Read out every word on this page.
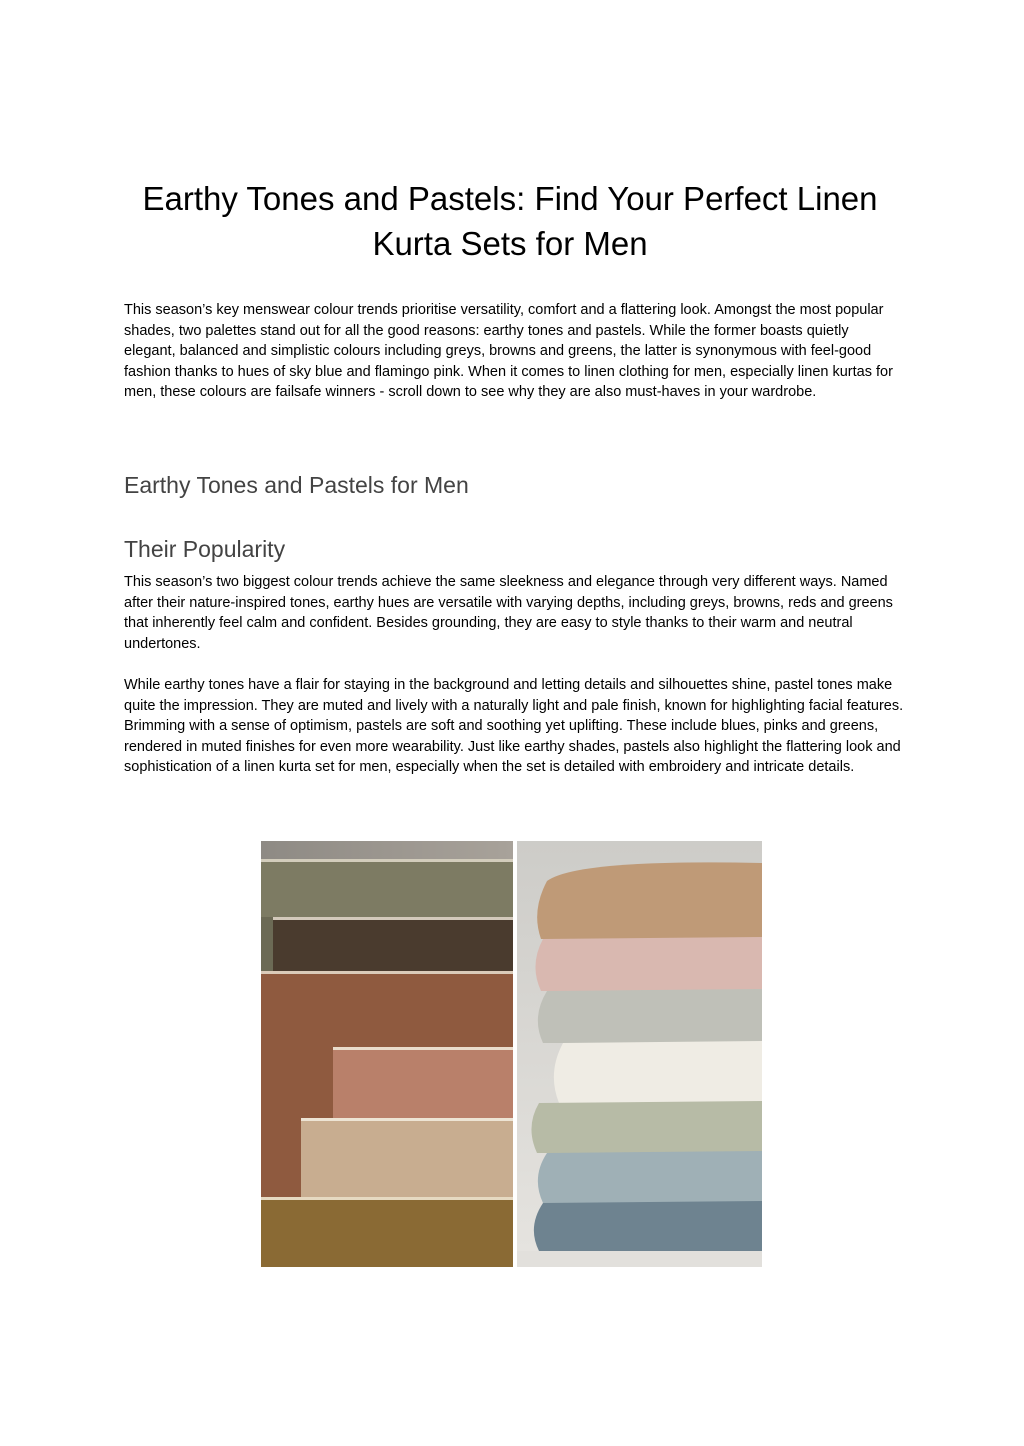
Earthy Tones and Pastels: Find Your Perfect Linen Kurta Sets for Men

This season’s key menswear colour trends prioritise versatility, comfort and a flattering look. Amongst the most popular shades, two palettes stand out for all the good reasons: earthy tones and pastels. While the former boasts quietly elegant, balanced and simplistic colours including greys, browns and greens, the latter is synonymous with feel-good fashion thanks to hues of sky blue and flamingo pink. When it comes to linen clothing for men, especially linen kurtas for men, these colours are failsafe winners - scroll down to see why they are also must-haves in your wardrobe.

Earthy Tones and Pastels for Men
Their Popularity

This season’s two biggest colour trends achieve the same sleekness and elegance through very different ways. Named after their nature-inspired tones, earthy hues are versatile with varying depths, including greys, browns, reds and greens that inherently feel calm and confident. Besides grounding, they are easy to style thanks to their warm and neutral undertones.

While earthy tones have a flair for staying in the background and letting details and silhouettes shine, pastel tones make quite the impression. They are muted and lively with a naturally light and pale finish, known for highlighting facial features. Brimming with a sense of optimism, pastels are soft and soothing yet uplifting. These include blues, pinks and greens, rendered in muted finishes for even more wearability. Just like earthy shades, pastels also highlight the flattering look and sophistication of a linen kurta set for men, especially when the set is detailed with embroidery and intricate details.
